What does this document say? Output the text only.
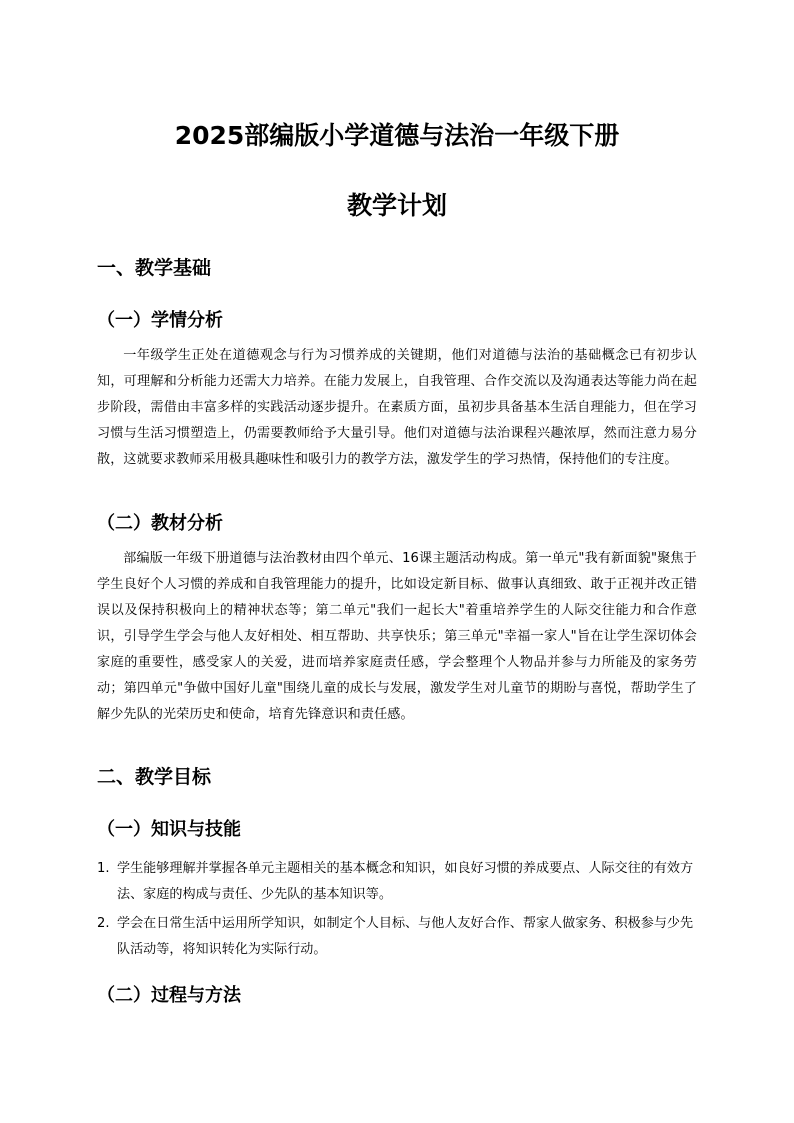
2025部编版小学道德与法治一年级下册
教学计划
一、教学基础
（一）学情分析

一年级学生正处在道德观念与行为习惯养成的关键期，他们对道德与法治的基础概念已有初步认知，可理解和分析能力还需大力培养。在能力发展上，自我管理、合作交流以及沟通表达等能力尚在起步阶段，需借由丰富多样的实践活动逐步提升。在素质方面，虽初步具备基本生活自理能力，但在学习习惯与生活习惯塑造上，仍需要教师给予大量引导。他们对道德与法治课程兴趣浓厚，然而注意力易分散，这就要求教师采用极具趣味性和吸引力的教学方法，激发学生的学习热情，保持他们的专注度。

（二）教材分析

部编版一年级下册道德与法治教材由四个单元、16课主题活动构成。第一单元"我有新面貌"聚焦于学生良好个人习惯的养成和自我管理能力的提升，比如设定新目标、做事认真细致、敢于正视并改正错误以及保持积极向上的精神状态等；第二单元"我们一起长大"着重培养学生的人际交往能力和合作意识，引导学生学会与他人友好相处、相互帮助、共享快乐；第三单元"幸福一家人"旨在让学生深切体会家庭的重要性，感受家人的关爱，进而培养家庭责任感，学会整理个人物品并参与力所能及的家务劳动；第四单元"争做中国好儿童"围绕儿童的成长与发展，激发学生对儿童节的期盼与喜悦，帮助学生了解少先队的光荣历史和使命，培育先锋意识和责任感。

二、教学目标
（一）知识与技能
1. 学生能够理解并掌握各单元主题相关的基本概念和知识，如良好习惯的养成要点、人际交往的有效方法、家庭的构成与责任、少先队的基本知识等。
2. 学会在日常生活中运用所学知识，如制定个人目标、与他人友好合作、帮家人做家务、积极参与少先队活动等，将知识转化为实际行动。
（二）过程与方法
